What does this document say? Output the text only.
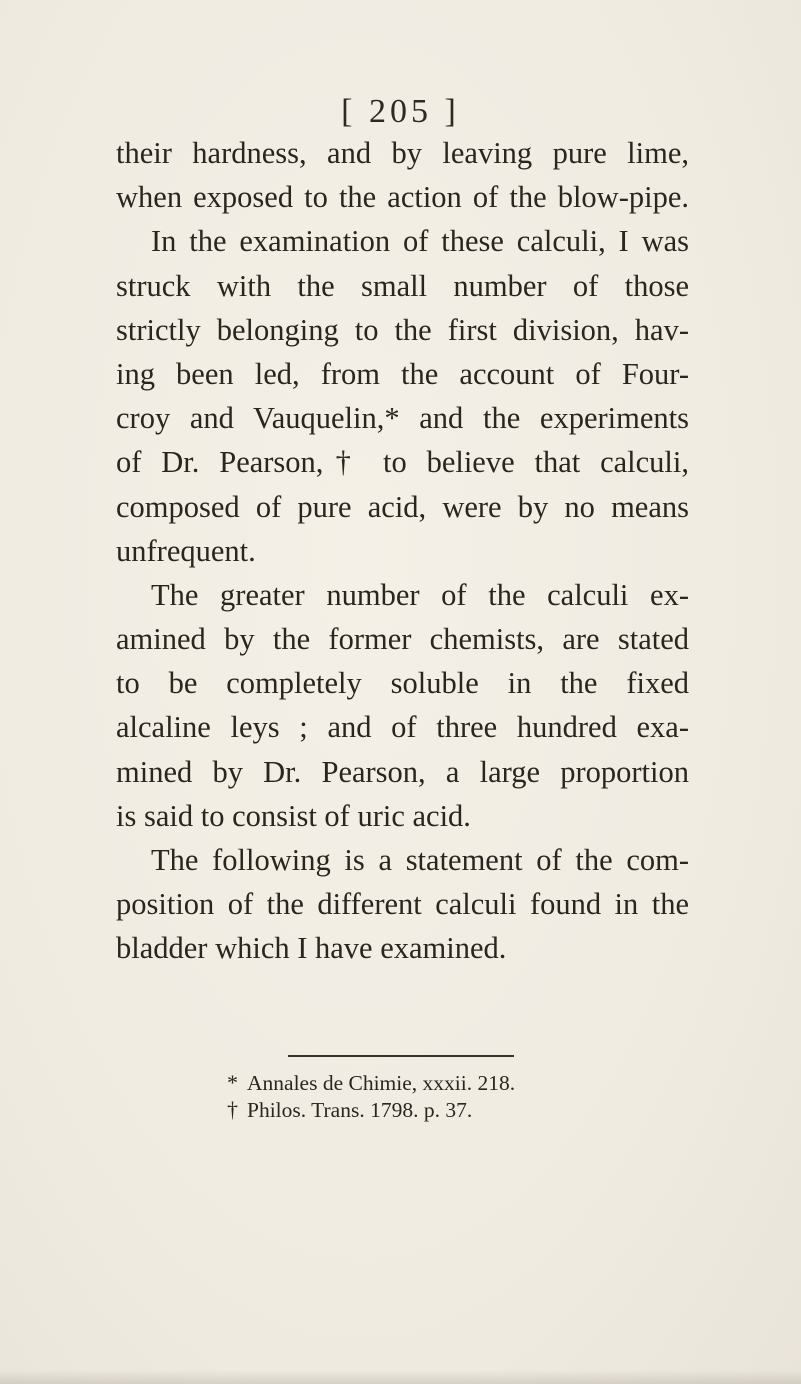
[ 205 ]
their hardness, and by leaving pure lime,
when exposed to the action of the blow-pipe.
In the examination of these calculi, I was
struck with the small number of those
strictly belonging to the first division, hav-
ing been led, from the account of Four-
croy and Vauquelin,* and the experiments
of Dr. Pearson,† to believe that calculi,
composed of pure acid, were by no means
unfrequent.
The greater number of the calculi ex-
amined by the former chemists, are stated
to be completely soluble in the fixed
alcaline leys ; and of three hundred exa-
mined by Dr. Pearson, a large proportion
is said to consist of uric acid.
The following is a statement of the com-
position of the different calculi found in the
bladder which I have examined.
* Annales de Chimie, xxxii. 218.
† Philos. Trans. 1798. p. 37.
